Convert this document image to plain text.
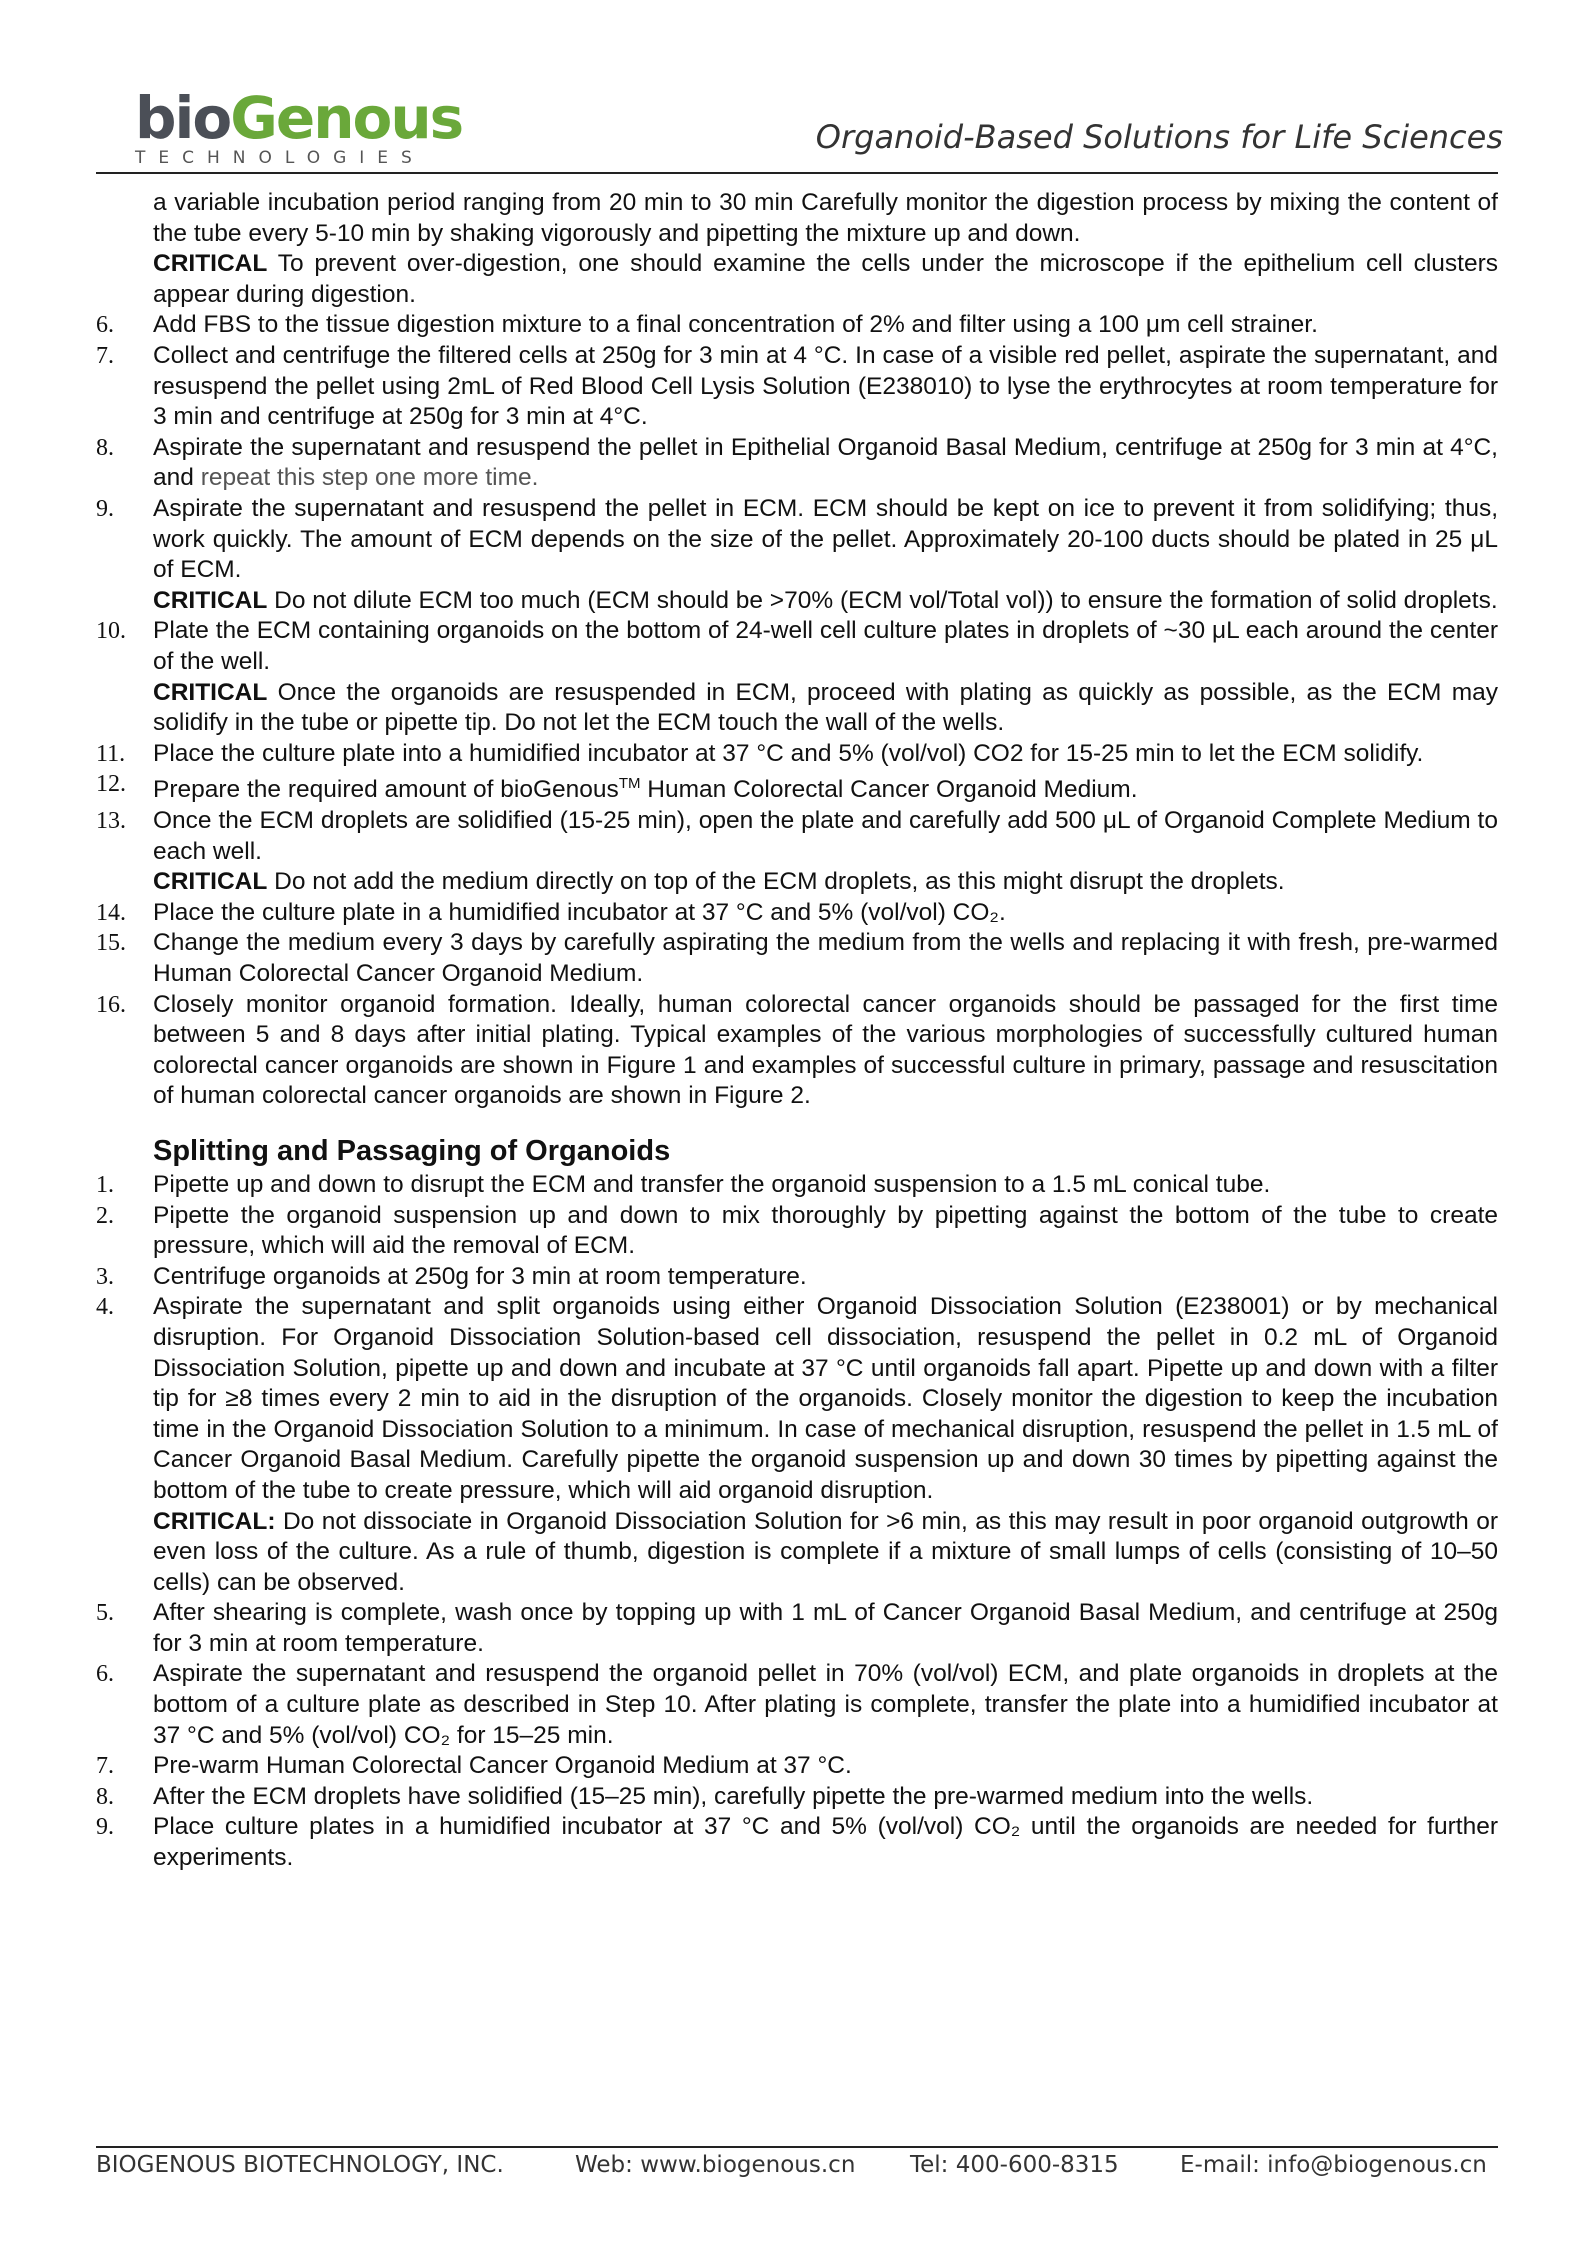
bioGenous
TECHNOLOGIES
Organoid-Based Solutions for Life Sciences

a variable incubation period ranging from 20 min to 30 min Carefully monitor the digestion process by mixing the content of the tube every 5-10 min by shaking vigorously and pipetting the mixture up and down.

CRITICAL To prevent over-digestion, one should examine the cells under the microscope if the epithelium cell clusters appear during digestion.

6. Add FBS to the tissue digestion mixture to a final concentration of 2% and filter using a 100 μm cell strainer.
7. Collect and centrifuge the filtered cells at 250g for 3 min at 4 °C. In case of a visible red pellet, aspirate the supernatant, and resuspend the pellet using 2mL of Red Blood Cell Lysis Solution (E238010) to lyse the erythrocytes at room temperature for 3 min and centrifuge at 250g for 3 min at 4°C.
8. Aspirate the supernatant and resuspend the pellet in Epithelial Organoid Basal Medium, centrifuge at 250g for 3 min at 4°C, and repeat this step one more time.
9. Aspirate the supernatant and resuspend the pellet in ECM. ECM should be kept on ice to prevent it from solidifying; thus, work quickly. The amount of ECM depends on the size of the pellet. Approximately 20-100 ducts should be plated in 25 μL of ECM.
CRITICAL Do not dilute ECM too much (ECM should be >70% (ECM vol/Total vol)) to ensure the formation of solid droplets.
10. Plate the ECM containing organoids on the bottom of 24-well cell culture plates in droplets of ~30 μL each around the center of the well.
CRITICAL Once the organoids are resuspended in ECM, proceed with plating as quickly as possible, as the ECM may solidify in the tube or pipette tip. Do not let the ECM touch the wall of the wells.
11. Place the culture plate into a humidified incubator at 37 °C and 5% (vol/vol) CO2 for 15-25 min to let the ECM solidify.
12. Prepare the required amount of bioGenous™ Human Colorectal Cancer Organoid Medium.
13. Once the ECM droplets are solidified (15-25 min), open the plate and carefully add 500 μL of Organoid Complete Medium to each well.
CRITICAL Do not add the medium directly on top of the ECM droplets, as this might disrupt the droplets.
14. Place the culture plate in a humidified incubator at 37 °C and 5% (vol/vol) CO₂.
15. Change the medium every 3 days by carefully aspirating the medium from the wells and replacing it with fresh, pre-warmed Human Colorectal Cancer Organoid Medium.
16. Closely monitor organoid formation. Ideally, human colorectal cancer organoids should be passaged for the first time between 5 and 8 days after initial plating. Typical examples of the various morphologies of successfully cultured human colorectal cancer organoids are shown in Figure 1 and examples of successful culture in primary, passage and resuscitation of human colorectal cancer organoids are shown in Figure 2.
Splitting and Passaging of Organoids
1. Pipette up and down to disrupt the ECM and transfer the organoid suspension to a 1.5 mL conical tube.
2. Pipette the organoid suspension up and down to mix thoroughly by pipetting against the bottom of the tube to create pressure, which will aid the removal of ECM.
3. Centrifuge organoids at 250g for 3 min at room temperature.
4. Aspirate the supernatant and split organoids using either Organoid Dissociation Solution (E238001) or by mechanical disruption. For Organoid Dissociation Solution-based cell dissociation, resuspend the pellet in 0.2 mL of Organoid Dissociation Solution, pipette up and down and incubate at 37 °C until organoids fall apart. Pipette up and down with a filter tip for ≥8 times every 2 min to aid in the disruption of the organoids. Closely monitor the digestion to keep the incubation time in the Organoid Dissociation Solution to a minimum. In case of mechanical disruption, resuspend the pellet in 1.5 mL of Cancer Organoid Basal Medium. Carefully pipette the organoid suspension up and down 30 times by pipetting against the bottom of the tube to create pressure, which will aid organoid disruption.
CRITICAL: Do not dissociate in Organoid Dissociation Solution for >6 min, as this may result in poor organoid outgrowth or even loss of the culture. As a rule of thumb, digestion is complete if a mixture of small lumps of cells (consisting of 10–50 cells) can be observed.
5. After shearing is complete, wash once by topping up with 1 mL of Cancer Organoid Basal Medium, and centrifuge at 250g for 3 min at room temperature.
6. Aspirate the supernatant and resuspend the organoid pellet in 70% (vol/vol) ECM, and plate organoids in droplets at the bottom of a culture plate as described in Step 10. After plating is complete, transfer the plate into a humidified incubator at 37 °C and 5% (vol/vol) CO₂ for 15–25 min.
7. Pre-warm Human Colorectal Cancer Organoid Medium at 37 °C.
8. After the ECM droplets have solidified (15–25 min), carefully pipette the pre-warmed medium into the wells.
9. Place culture plates in a humidified incubator at 37 °C and 5% (vol/vol) CO₂ until the organoids are needed for further experiments.
BIOGENOUS BIOTECHNOLOGY, INC.	Web: www.biogenous.cn Tel: 400-600-8315	E-mail: info@biogenous.cn
